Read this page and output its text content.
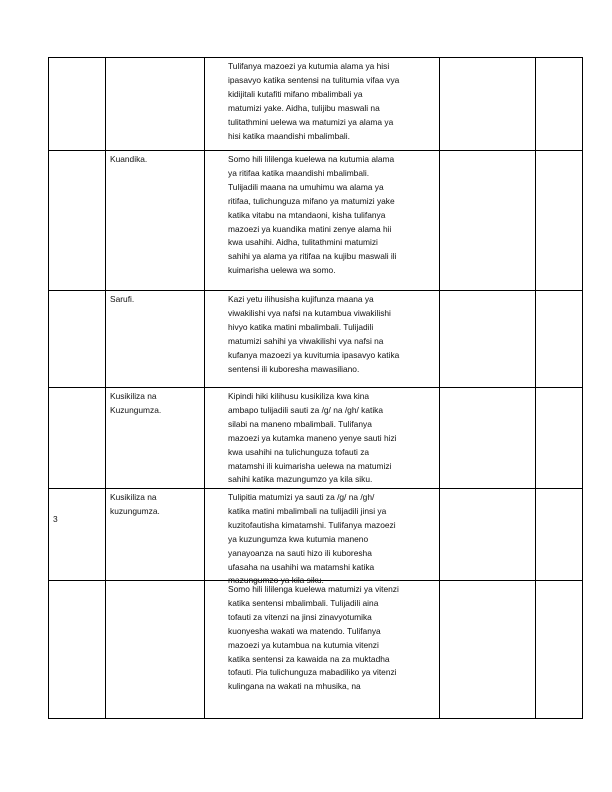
Tulifanya mazoezi ya kutumia alama ya hisi
ipasavyo katika sentensi na tulitumia vifaa vya
kidijitali kutafiti mifano mbalimbali ya
matumizi yake. Aidha, tulijibu maswali na
tulitathmini uelewa wa matumizi ya alama ya
hisi katika maandishi mbalimbali.
Kuandika.	Somo hili lililenga kuelewa na kutumia alama
ya ritifaa katika maandishi mbalimbali.
Tulijadili maana na umuhimu wa alama ya
ritifaa, tulichunguza mifano ya matumizi yake
katika vitabu na mtandaoni, kisha tulifanya
mazoezi ya kuandika matini zenye alama hii
kwa usahihi. Aidha, tulitathmini matumizi
sahihi ya alama ya ritifaa na kujibu maswali ili
kuimarisha uelewa wa somo.
Sarufi.	Kazi yetu ilihusisha kujifunza maana ya
viwakilishi vya nafsi na kutambua viwakilishi
hivyo katika matini mbalimbali. Tulijadili
matumizi sahihi ya viwakilishi vya nafsi na
kufanya mazoezi ya kuvitumia ipasavyo katika
sentensi ili kuboresha mawasiliano.
Kusikiliza na
Kuzungumza.
Kipindi hiki kilihusu kusikiliza kwa kina
ambapo tulijadili sauti za /g/ na /gh/ katika
silabi na maneno mbalimbali. Tulifanya
mazoezi ya kutamka maneno yenye sauti hizi
kwa usahihi na tulichunguza tofauti za
matamshi ili kuimarisha uelewa na matumizi
sahihi katika mazungumzo ya kila siku.
3
Kusikiliza na
kuzungumza.
Tulipitia matumizi ya sauti za /g/ na /gh/
katika matini mbalimbali na tulijadili jinsi ya
kuzitofautisha kimatamshi. Tulifanya mazoezi
ya kuzungumza kwa kutumia maneno
yanayoanza na sauti hizo ili kuboresha
ufasaha na usahihi wa matamshi katika
mazungumzo ya kila siku.
Somo hili lililenga kuelewa matumizi ya vitenzi
katika sentensi mbalimbali. Tulijadili aina
tofauti za vitenzi na jinsi zinavyotumika
kuonyesha wakati wa matendo. Tulifanya
mazoezi ya kutambua na kutumia vitenzi
katika sentensi za kawaida na za muktadha
tofauti. Pia tulichunguza mabadiliko ya vitenzi
kulingana na wakati na mhusika, na
